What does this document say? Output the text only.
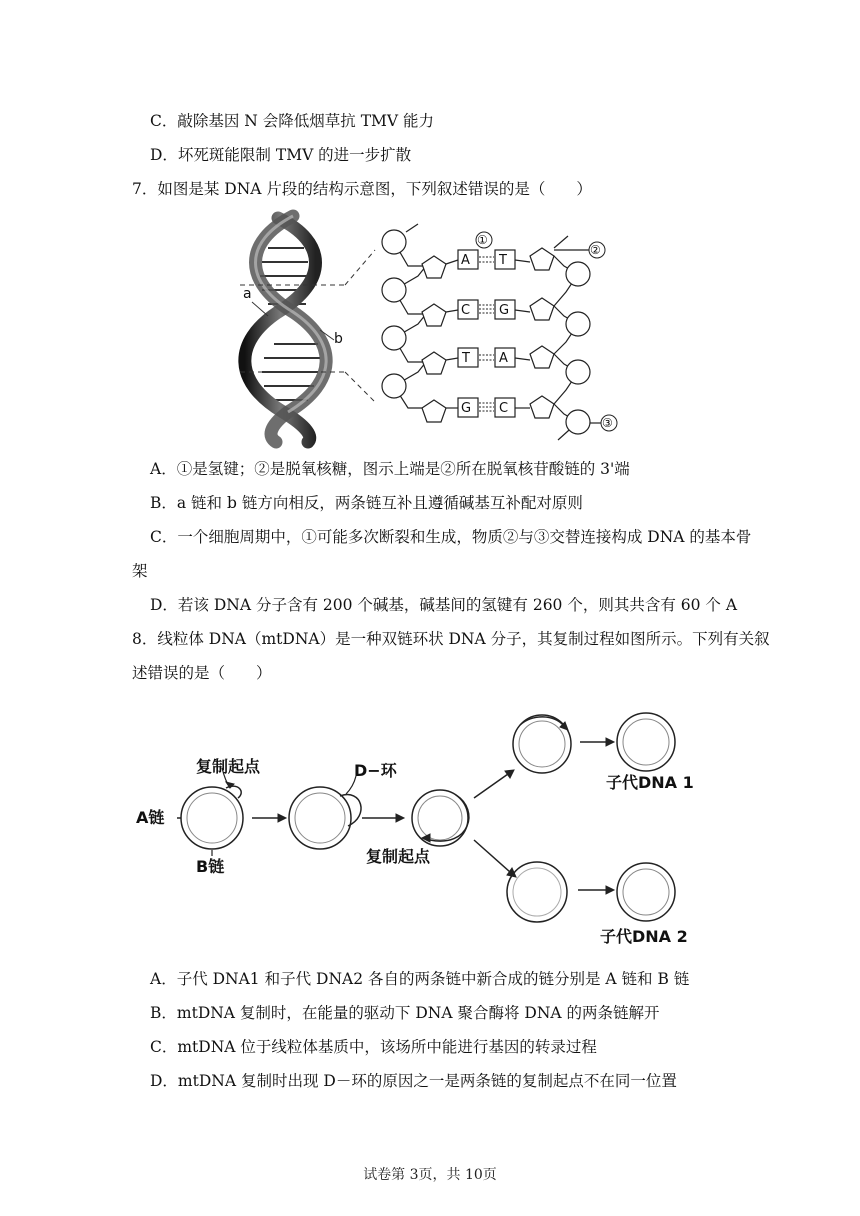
C．敲除基因 N 会降低烟草抗 TMV 能力
D．坏死斑能限制 TMV 的进一步扩散
7．如图是某 DNA 片段的结构示意图，下列叙述错误的是（　　）
a
b
A T
C G
T A
G C
①
②
③
A．①是氢键；②是脱氧核糖，图示上端是②所在脱氧核苷酸链的 3'端
B．a 链和 b 链方向相反，两条链互补且遵循碱基互补配对原则
C．一个细胞周期中，①可能多次断裂和生成，物质②与③交替连接构成 DNA 的基本骨
架
D．若该 DNA 分子含有 200 个碱基，碱基间的氢键有 260 个，则其共含有 60 个 A
8．线粒体 DNA（mtDNA）是一种双链环状 DNA 分子，其复制过程如图所示。下列有关叙
述错误的是（　　）
复制起点
A链
B链
D−环
复制起点
子代DNA 1
子代DNA 2
A．子代 DNA1 和子代 DNA2 各自的两条链中新合成的链分别是 A 链和 B 链
B．mtDNA 复制时，在能量的驱动下 DNA 聚合酶将 DNA 的两条链解开
C．mtDNA 位于线粒体基质中，该场所中能进行基因的转录过程
D．mtDNA 复制时出现 D－环的原因之一是两条链的复制起点不在同一位置
试卷第 3页，共 10页
